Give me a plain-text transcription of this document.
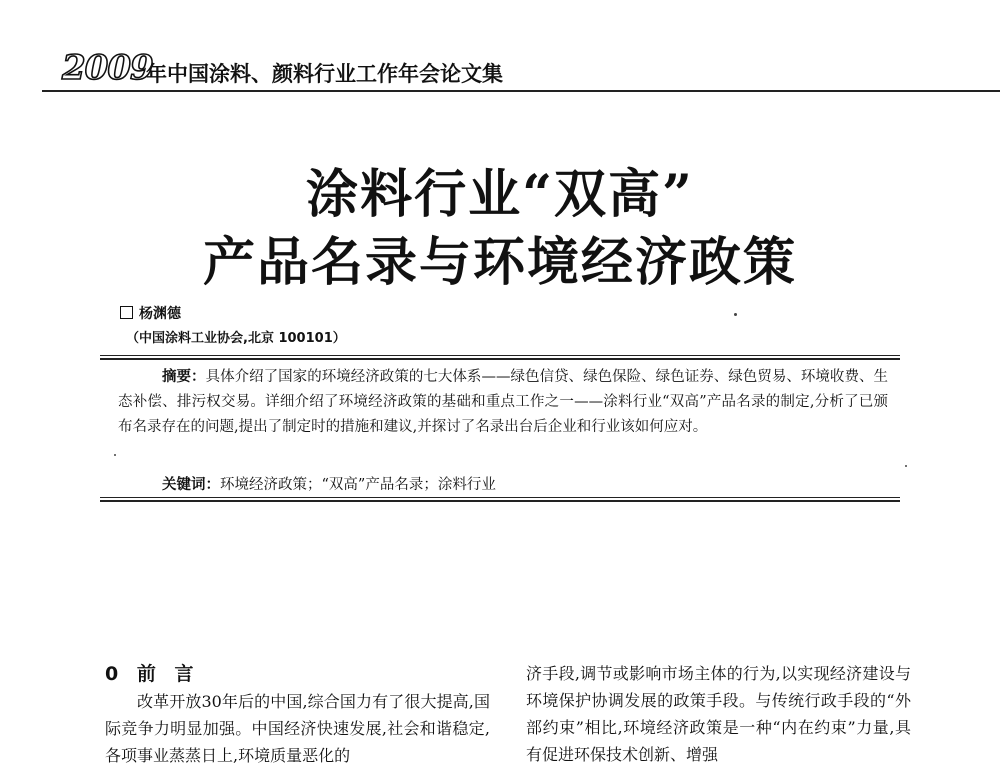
2009
年中国涂料、颜料行业工作年会论文集
涂料行业“双高”
产品名录与环境经济政策
杨渊德
（中国涂料工业协会,北京 100101）
摘要：具体介绍了国家的环境经济政策的七大体系——绿色信贷、绿色保险、绿色证券、绿色贸易、环境收费、生态补偿、排污权交易。详细介绍了环境经济政策的基础和重点工作之一——涂料行业“双高”产品名录的制定,分析了已颁布名录存在的问题,提出了制定时的措施和建议,并探讨了名录出台后企业和行业该如何应对。
关键词：环境经济政策；“双高”产品名录；涂料行业
0 前 言

改革开放30年后的中国,综合国力有了很大提高,国际竞争力明显加强。中国经济快速发展,社会和谐稳定,各项事业蒸蒸日上,环境质量恶化的

济手段,调节或影响市场主体的行为,以实现经济建设与环境保护协调发展的政策手段。与传统行政手段的“外部约束”相比,环境经济政策是一种“内在约束”力量,具有促进环保技术创新、增强
